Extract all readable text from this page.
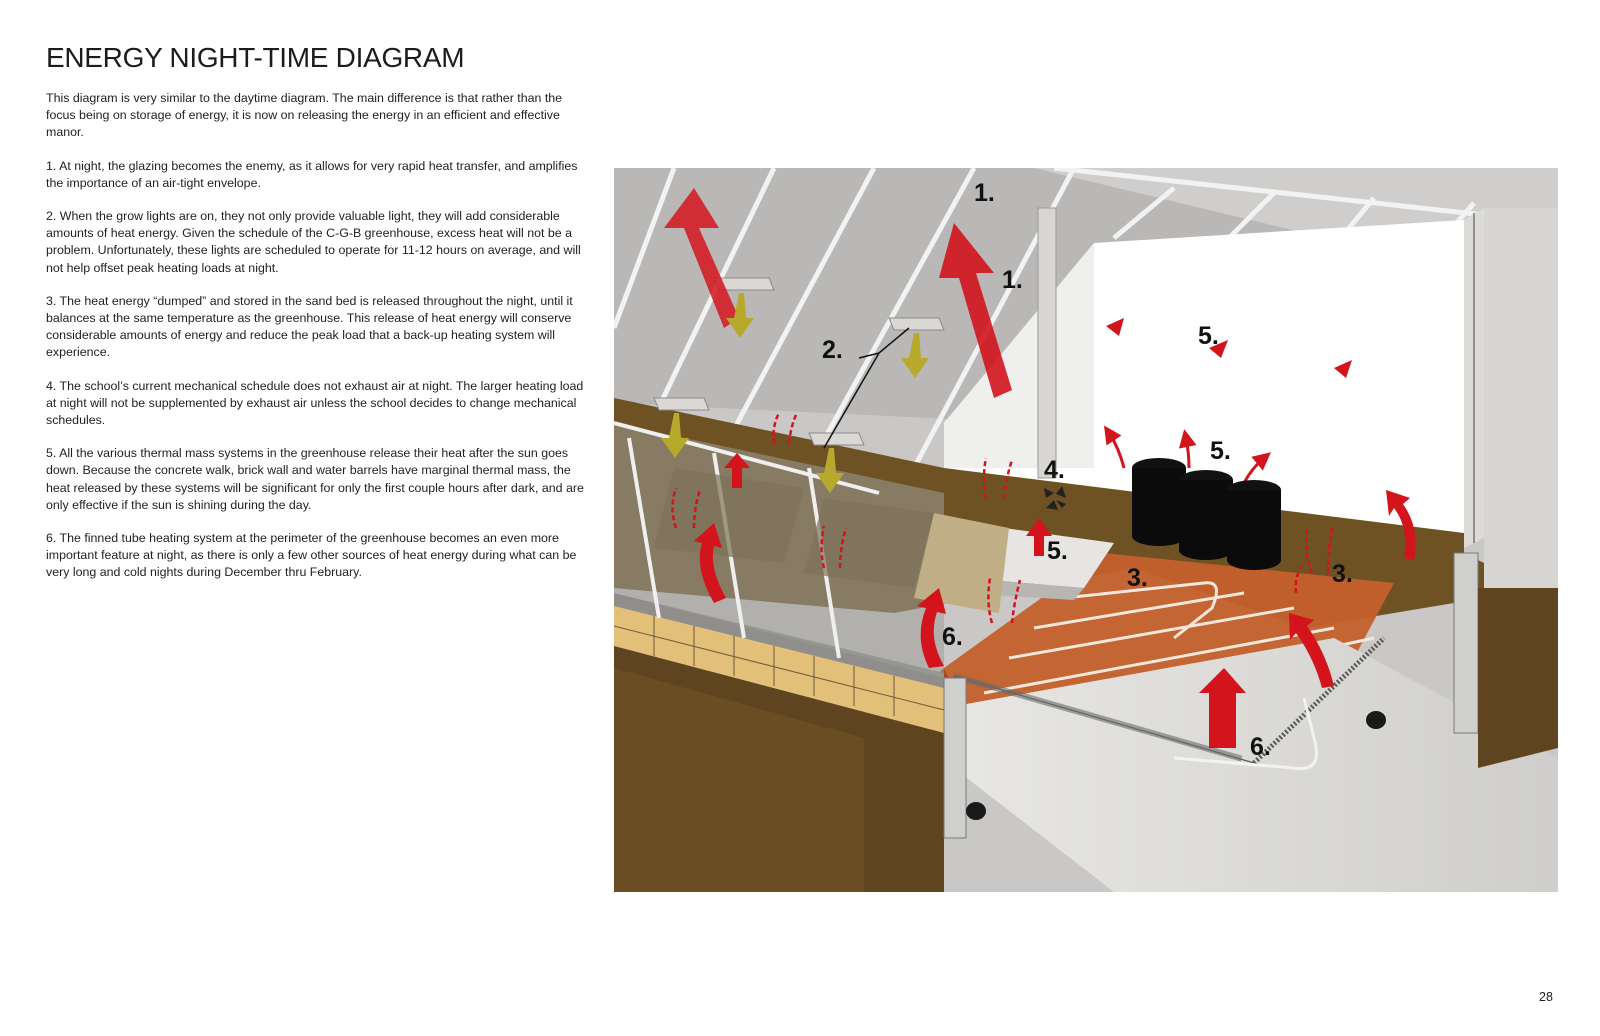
ENERGY NIGHT-TIME DIAGRAM

This diagram is very similar to the daytime diagram. The main difference is that rather than the focus being on storage of energy, it is now on releasing the energy in an efficient and effective manor.

1. At night, the glazing becomes the enemy, as it allows for very rapid heat transfer, and amplifies the importance of an air-tight envelope.

2. When the grow lights are on, they not only provide valuable light, they will add considerable amounts of heat energy. Given the schedule of the C-G-B greenhouse, excess heat will not be a problem. Unfortunately, these lights are scheduled to operate for 11-12 hours on average, and will not help offset peak heating loads at night.

3. The heat energy “dumped” and stored in the sand bed is released throughout the night, until it balances at the same temperature as the greenhouse. This release of heat energy will conserve considerable amounts of energy and reduce the peak load that a back-up heating system will experience.

4. The school’s current mechanical schedule does not exhaust air at night. The larger heating load at night will not be supplemented by exhaust air unless the school decides to change mechanical schedules.

5. All the various thermal mass systems in the greenhouse release their heat after the sun goes down. Because the concrete walk, brick wall and water barrels have marginal thermal mass, the heat released by these systems will be significant for only the first couple hours after dark, and are only effective if the sun is shining during the day.

6. The finned tube heating system at the perimeter of the greenhouse becomes an even more important feature at night, as there is only a few other sources of heat energy during what can be very long and cold nights during December thru February.

1.
1.
2.
3.	3.
4.
5.
5.
5.
6.
6.
28
